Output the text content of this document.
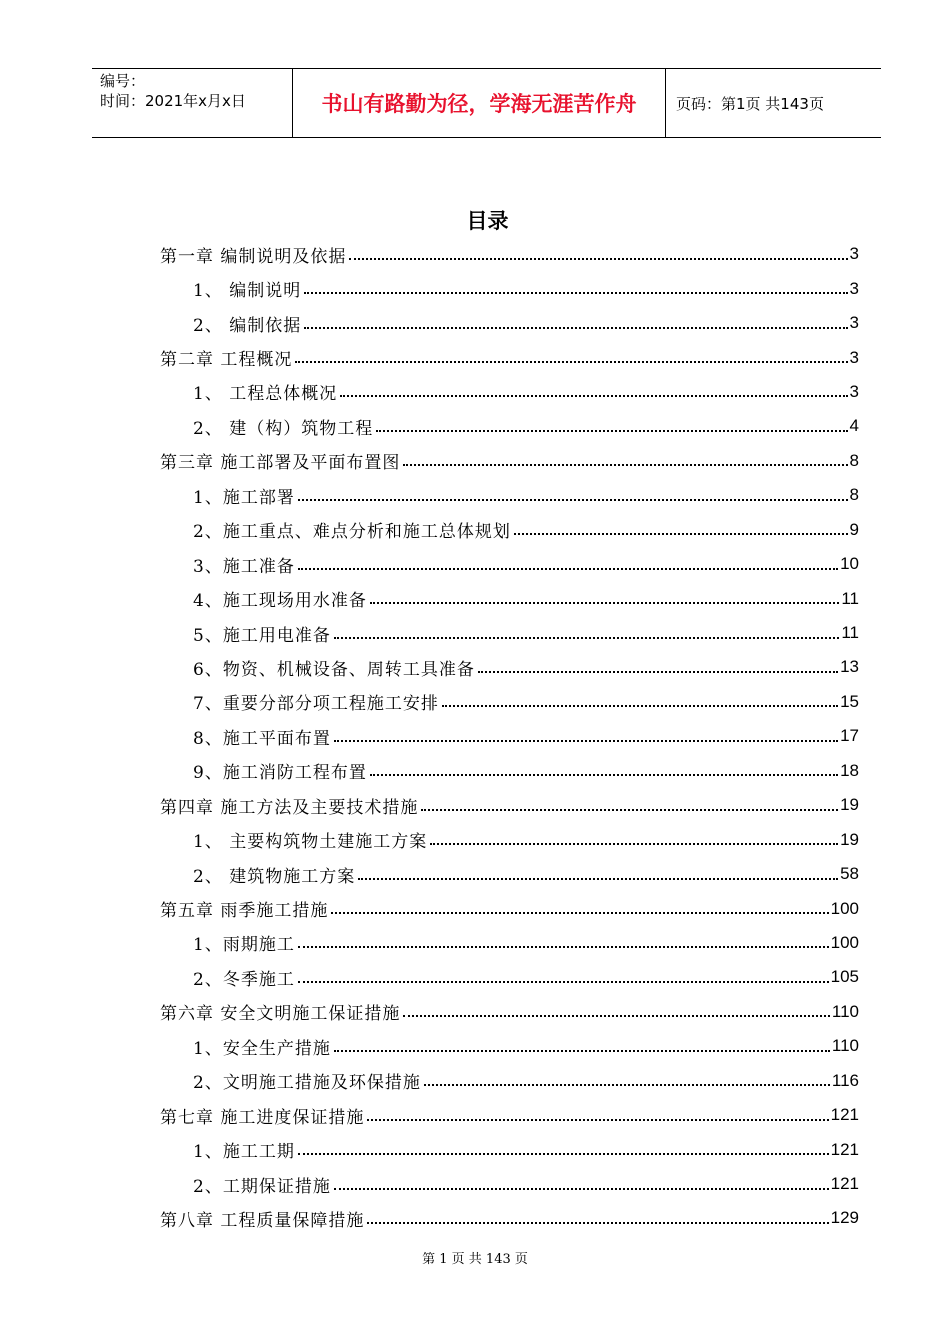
编号：
时间：2021年x月x日	书山有路勤为径，学海无涯苦作舟	页码：第1页 共143页
目录
第一章 编制说明及依据	3
1、 编制说明	3
2、 编制依据	3
第二章 工程概况	3
1、 工程总体概况	3
2、 建（构）筑物工程	4
第三章 施工部署及平面布置图	8
1、施工部署	8
2、施工重点、难点分析和施工总体规划	9
3、施工准备	10
4、施工现场用水准备	11
5、施工用电准备	11
6、物资、机械设备、周转工具准备	13
7、重要分部分项工程施工安排	15
8、施工平面布置	17
9、施工消防工程布置	18
第四章 施工方法及主要技术措施	19
1、 主要构筑物土建施工方案	19
2、 建筑物施工方案	58
第五章 雨季施工措施	100
1、雨期施工	100
2、冬季施工	105
第六章 安全文明施工保证措施	110
1、安全生产措施	110
2、文明施工措施及环保措施	116
第七章 施工进度保证措施	121
1、施工工期	121
2、工期保证措施	121
第八章 工程质量保障措施	129
第 1 页 共 143 页
